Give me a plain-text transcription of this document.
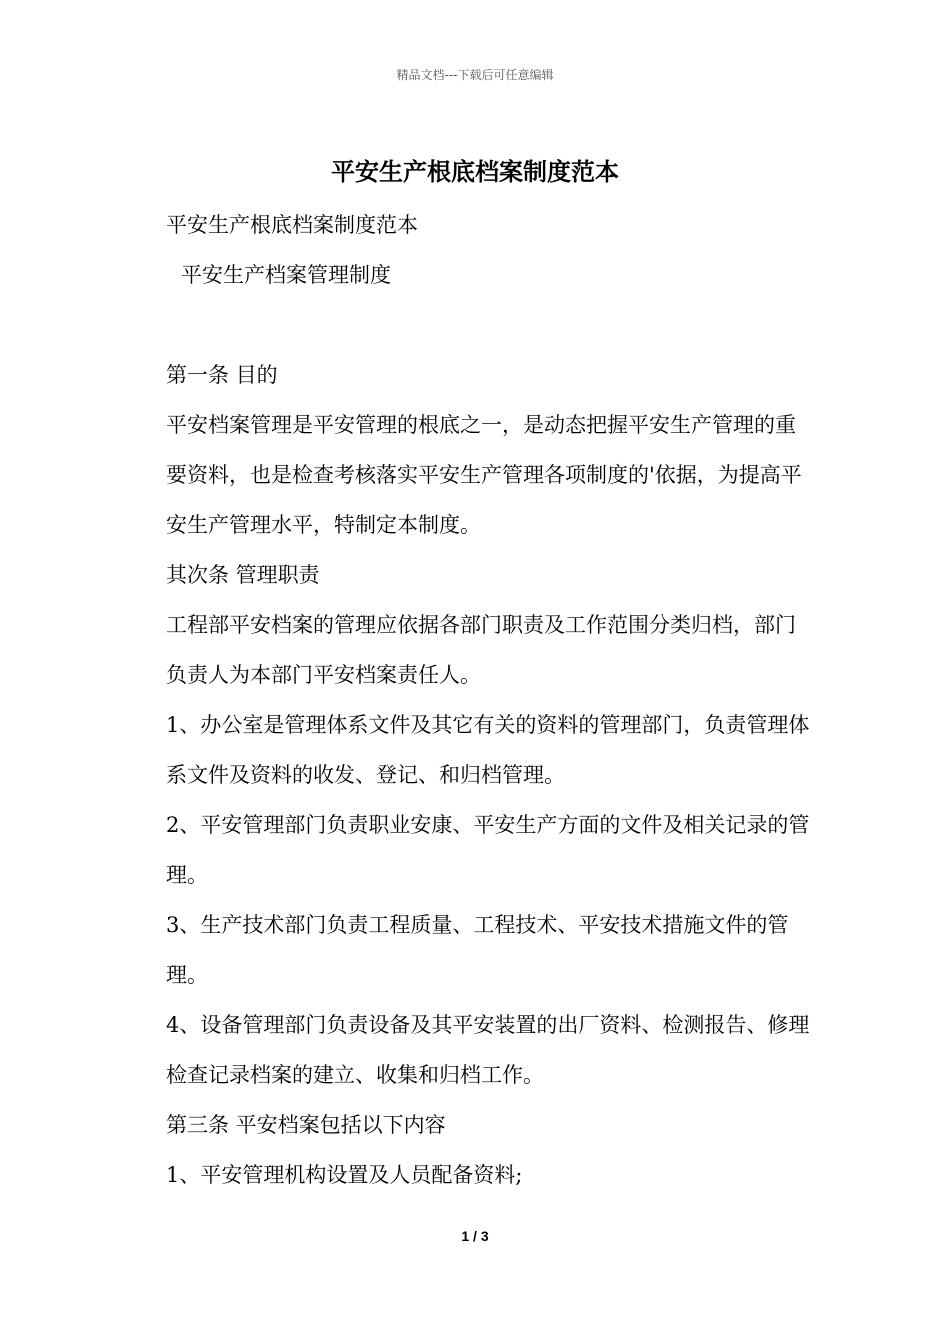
精品文档---下载后可任意编辑
平安生产根底档案制度范本
平安生产根底档案制度范本
平安生产档案管理制度
第一条 目的
平安档案管理是平安管理的根底之一，是动态把握平安生产管理的重要资料，也是检查考核落实平安生产管理各项制度的'依据，为提高平安生产管理水平，特制定本制度。
其次条 管理职责
工程部平安档案的管理应依据各部门职责及工作范围分类归档，部门负责人为本部门平安档案责任人。
1、办公室是管理体系文件及其它有关的资料的管理部门，负责管理体系文件及资料的收发、登记、和归档管理。
2、平安管理部门负责职业安康、平安生产方面的文件及相关记录的管理。
3、生产技术部门负责工程质量、工程技术、平安技术措施文件的管理。
4、设备管理部门负责设备及其平安装置的出厂资料、检测报告、修理检查记录档案的建立、收集和归档工作。
第三条 平安档案包括以下内容
1、平安管理机构设置及人员配备资料;
1 / 3
